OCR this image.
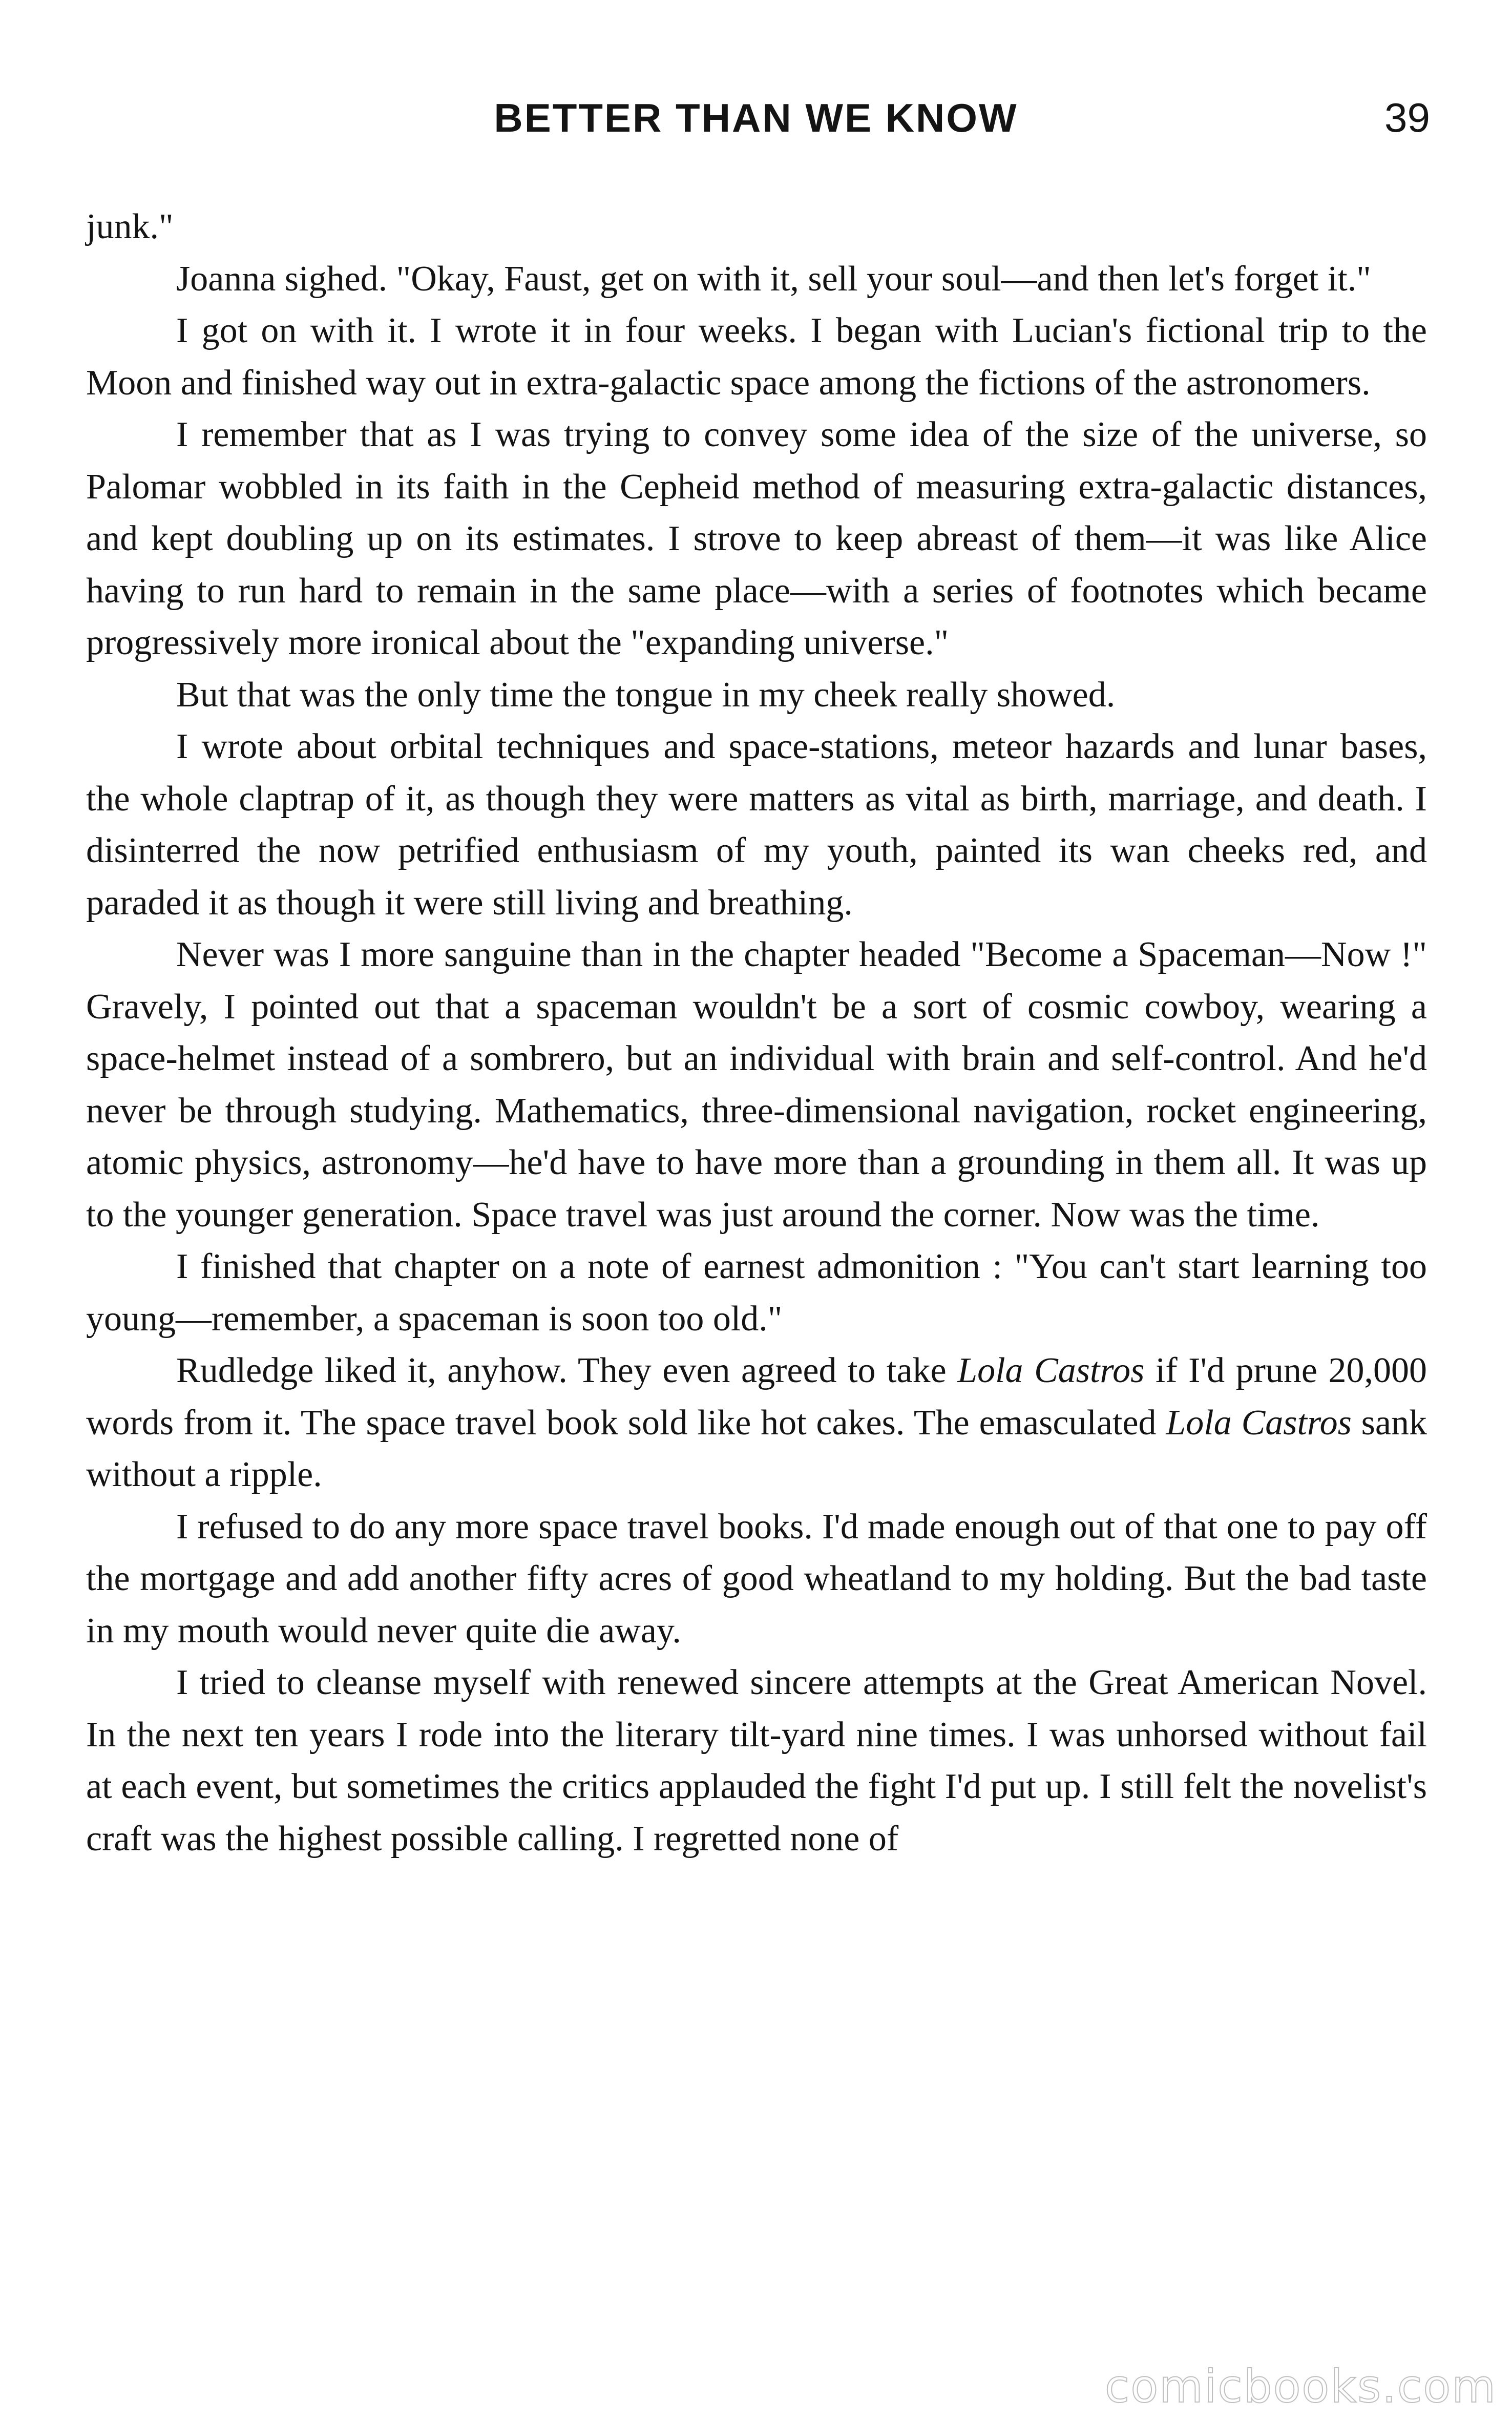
BETTER THAN WE KNOW	39

junk."

Joanna sighed. "Okay, Faust, get on with it, sell your soul—and then let's forget it."

I got on with it. I wrote it in four weeks. I began with Lucian's fictional trip to the Moon and finished way out in extra-galactic space among the fictions of the astronomers.

I remember that as I was trying to convey some idea of the size of the universe, so Palomar wobbled in its faith in the Cepheid method of measuring extra-galactic distances, and kept doubling up on its estimates. I strove to keep abreast of them—it was like Alice having to run hard to remain in the same place—with a series of footnotes which became progressively more ironical about the "expanding universe."

But that was the only time the tongue in my cheek really showed.

I wrote about orbital techniques and space-stations, meteor hazards and lunar bases, the whole claptrap of it, as though they were matters as vital as birth, marriage, and death. I disinterred the now petrified enthusiasm of my youth, painted its wan cheeks red, and paraded it as though it were still living and breathing.

Never was I more sanguine than in the chapter headed "Become a Spaceman—Now !" Gravely, I pointed out that a spaceman wouldn't be a sort of cosmic cowboy, wearing a space-helmet instead of a sombrero, but an individual with brain and self-control. And he'd never be through studying. Mathematics, three-dimensional navigation, rocket engineering, atomic physics, astronomy—he'd have to have more than a grounding in them all. It was up to the younger generation. Space travel was just around the corner. Now was the time.

I finished that chapter on a note of earnest admonition : "You can't start learning too young—remember, a spaceman is soon too old."

Rudledge liked it, anyhow. They even agreed to take Lola Castros if I'd prune 20,000 words from it. The space travel book sold like hot cakes. The emasculated Lola Castros sank without a ripple.

I refused to do any more space travel books. I'd made enough out of that one to pay off the mortgage and add another fifty acres of good wheatland to my holding. But the bad taste in my mouth would never quite die away.

I tried to cleanse myself with renewed sincere attempts at the Great American Novel. In the next ten years I rode into the literary tilt-yard nine times. I was unhorsed without fail at each event, but sometimes the critics applauded the fight I'd put up. I still felt the novelist's craft was the highest possible calling. I regretted none of

comicbooks.com
